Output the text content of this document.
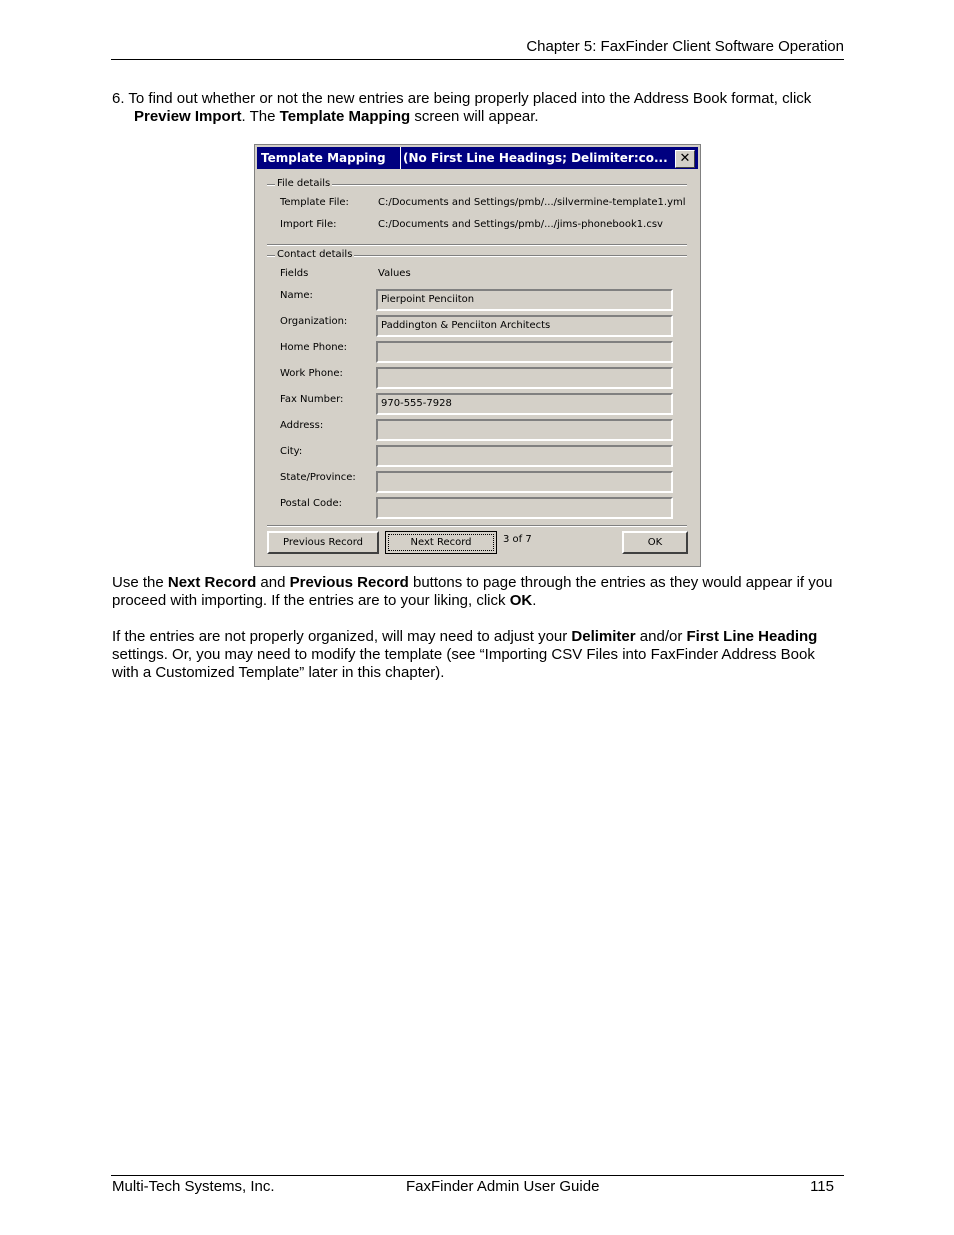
Chapter 5: FaxFinder Client Software Operation

6. To find out whether or not the new entries are being properly placed into the Address Book format, click Preview Import. The Template Mapping screen will appear.

Template Mapping	(No First Line Headings; Delimiter:co... ✕
File details
Template File:	C:/Documents and Settings/pmb/.../silvermine-template1.yml
Import File:	C:/Documents and Settings/pmb/.../jims-phonebook1.csv
Contact details
Fields	Values
Name:	Pierpoint Penciiton
Organization:	Paddington & Penciiton Architects
Home Phone:
Work Phone:
Fax Number:	970-555-7928
Address:
City:
State/Province:
Postal Code:
Previous Record	Next Record	3 of 7	OK

Use the Next Record and Previous Record buttons to page through the entries as they would appear if you proceed with importing. If the entries are to your liking, click OK.

If the entries are not properly organized, will may need to adjust your Delimiter and/or First Line Heading settings. Or, you may need to modify the template (see “Importing CSV Files into FaxFinder Address Book with a Customized Template” later in this chapter).

Multi-Tech Systems, Inc.	FaxFinder Admin User Guide	115
